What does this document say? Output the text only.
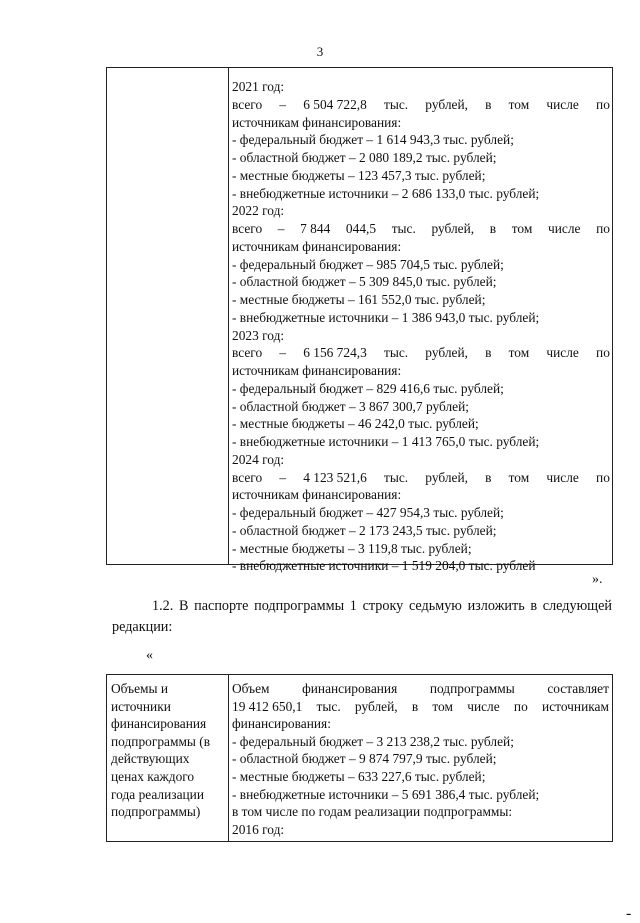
3
2021 год:
всего – 6 504 722,8 тыс. рублей, в том числе по
источникам финансирования:
- федеральный бюджет – 1 614 943,3 тыс. рублей;
- областной бюджет – 2 080 189,2 тыс. рублей;
- местные бюджеты – 123 457,3 тыс. рублей;
- внебюджетные источники – 2 686 133,0 тыс. рублей;
2022 год:
всего – 7 844 044,5 тыс. рублей, в том числе по
источникам финансирования:
- федеральный бюджет – 985 704,5 тыс. рублей;
- областной бюджет – 5 309 845,0 тыс. рублей;
- местные бюджеты – 161 552,0 тыс. рублей;
- внебюджетные источники – 1 386 943,0 тыс. рублей;
2023 год:
всего – 6 156 724,3 тыс. рублей, в том числе по
источникам финансирования:
- федеральный бюджет – 829 416,6 тыс. рублей;
- областной бюджет – 3 867 300,7 рублей;
- местные бюджеты – 46 242,0 тыс. рублей;
- внебюджетные источники – 1 413 765,0 тыс. рублей;
2024 год:
всего – 4 123 521,6 тыс. рублей, в том числе по
источникам финансирования:
- федеральный бюджет – 427 954,3 тыс. рублей;
- областной бюджет – 2 173 243,5 тыс. рублей;
- местные бюджеты – 3 119,8 тыс. рублей;
- внебюджетные источники – 1 519 204,0 тыс. рублей
».
1.2. В паспорте подпрограммы 1 строку седьмую изложить в следующей редакции:
«
Объемы и
источники
финансирования
подпрограммы (в
действующих
ценах каждого
года реализации
подпрограммы)
Объем финансирования подпрограммы составляет
19 412 650,1 тыс. рублей, в том числе по источникам
финансирования:
- федеральный бюджет – 3 213 238,2 тыс. рублей;
- областной бюджет – 9 874 797,9 тыс. рублей;
- местные бюджеты – 633 227,6 тыс. рублей;
- внебюджетные источники – 5 691 386,4 тыс. рублей;
в том числе по годам реализации подпрограммы:
2016 год:
-
